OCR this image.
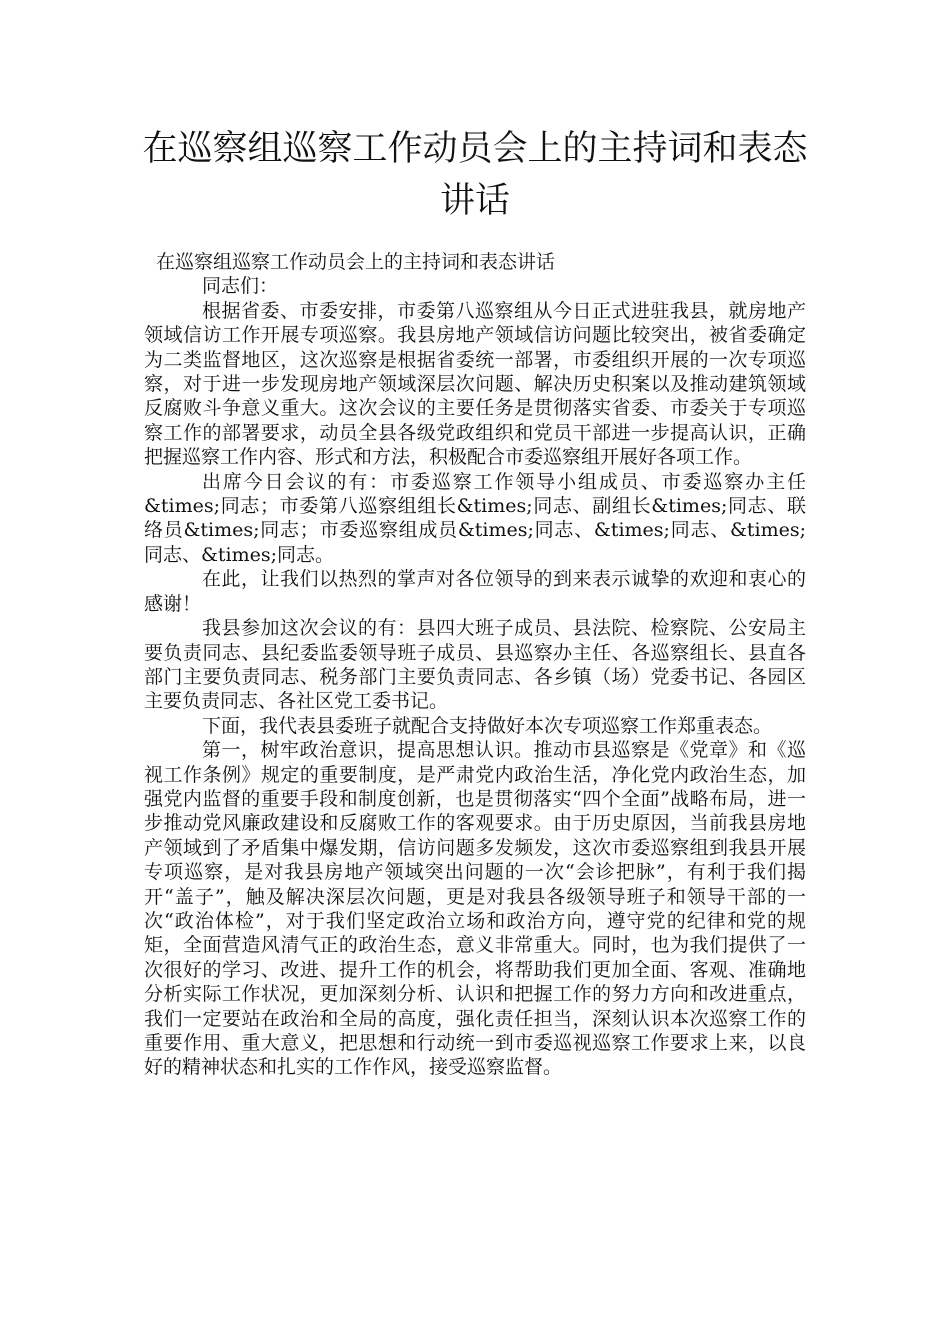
在巡察组巡察工作动员会上的主持词和表态讲话

在巡察组巡察工作动员会上的主持词和表态讲话

同志们：

根据省委、市委安排，市委第八巡察组从今日正式进驻我县，就房地产领域信访工作开展专项巡察。我县房地产领域信访问题比较突出，被省委确定为二类监督地区，这次巡察是根据省委统一部署，市委组织开展的一次专项巡察，对于进一步发现房地产领域深层次问题、解决历史积案以及推动建筑领域反腐败斗争意义重大。这次会议的主要任务是贯彻落实省委、市委关于专项巡察工作的部署要求，动员全县各级党政组织和党员干部进一步提高认识，正确把握巡察工作内容、形式和方法，积极配合市委巡察组开展好各项工作。

出席今日会议的有：市委巡察工作领导小组成员、市委巡察办主任&times;同志；市委第八巡察组组长&times;同志、副组长&times;同志、联络员&times;同志；市委巡察组成员&times;同志、&times;同志、&times;同志、&times;同志。

在此，让我们以热烈的掌声对各位领导的到来表示诚挚的欢迎和衷心的感谢！

我县参加这次会议的有：县四大班子成员、县法院、检察院、公安局主要负责同志、县纪委监委领导班子成员、县巡察办主任、各巡察组长、县直各部门主要负责同志、税务部门主要负责同志、各乡镇（场）党委书记、各园区主要负责同志、各社区党工委书记。

下面，我代表县委班子就配合支持做好本次专项巡察工作郑重表态。

第一，树牢政治意识，提高思想认识。推动市县巡察是《党章》和《巡视工作条例》规定的重要制度，是严肃党内政治生活，净化党内政治生态，加强党内监督的重要手段和制度创新，也是贯彻落实“四个全面”战略布局，进一步推动党风廉政建设和反腐败工作的客观要求。由于历史原因，当前我县房地产领域到了矛盾集中爆发期，信访问题多发频发，这次市委巡察组到我县开展专项巡察，是对我县房地产领域突出问题的一次“会诊把脉”，有利于我们揭开“盖子”，触及解决深层次问题，更是对我县各级领导班子和领导干部的一次“政治体检”，对于我们坚定政治立场和政治方向，遵守党的纪律和党的规矩，全面营造风清气正的政治生态，意义非常重大。同时，也为我们提供了一次很好的学习、改进、提升工作的机会，将帮助我们更加全面、客观、准确地分析实际工作状况，更加深刻分析、认识和把握工作的努力方向和改进重点，我们一定要站在政治和全局的高度，强化责任担当，深刻认识本次巡察工作的重要作用、重大意义，把思想和行动统一到市委巡视巡察工作要求上来，以良好的精神状态和扎实的工作作风，接受巡察监督。
